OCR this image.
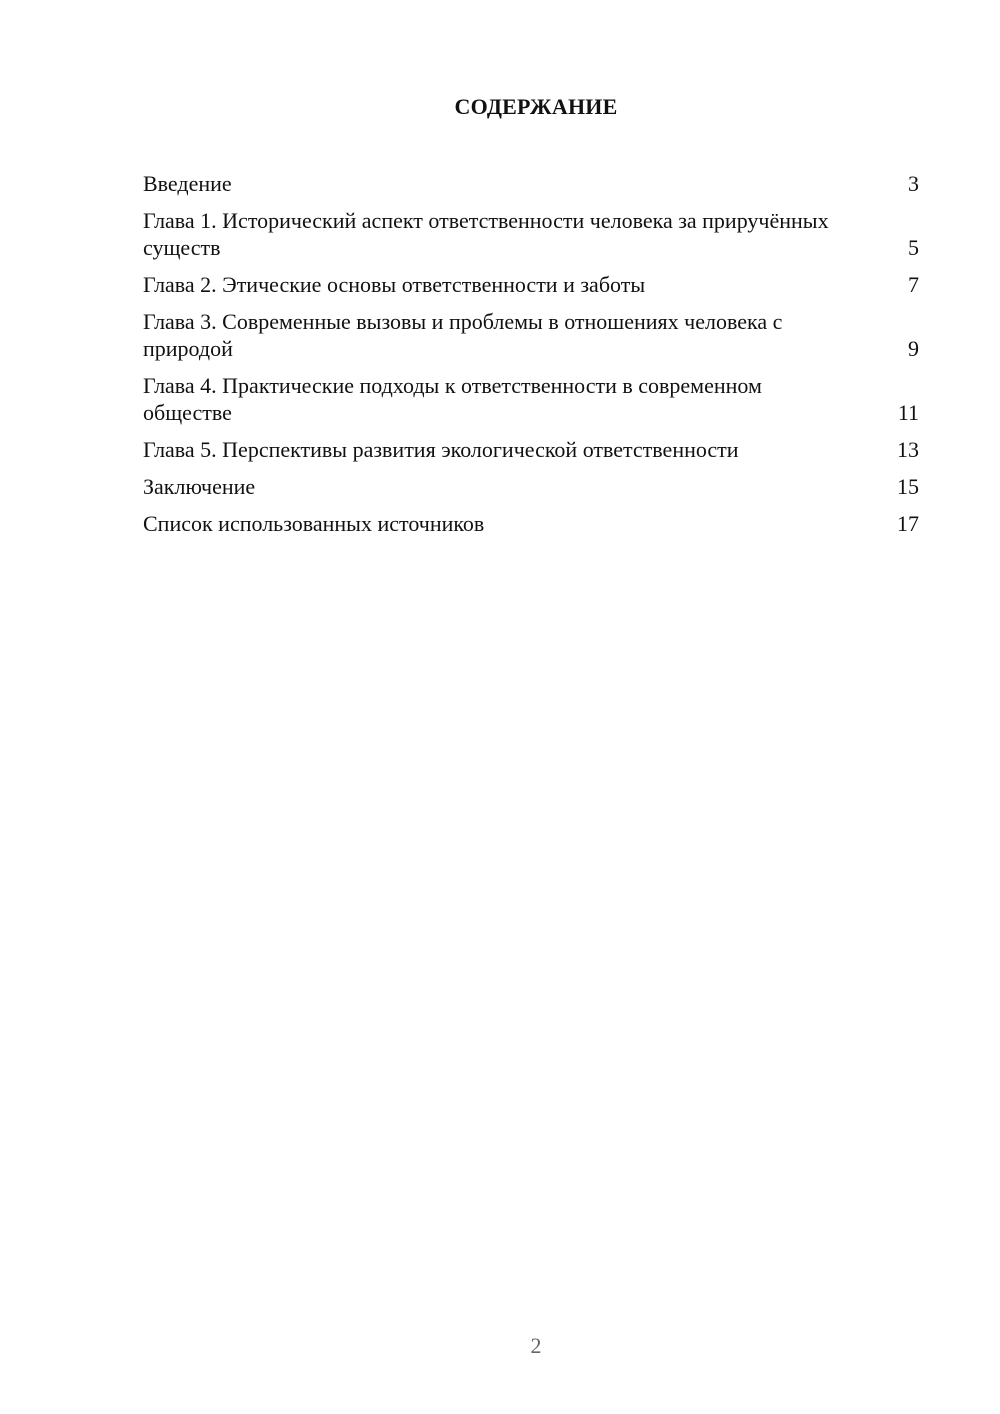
СОДЕРЖАНИЕ
Введение	3
Глава 1. Исторический аспект ответственности человека за приручённых существ	5
Глава 2. Этические основы ответственности и заботы	7
Глава 3. Современные вызовы и проблемы в отношениях человека с природой	9
Глава 4. Практические подходы к ответственности в современном обществе	11
Глава 5. Перспективы развития экологической ответственности	13
Заключение	15
Список использованных источников	17
2
